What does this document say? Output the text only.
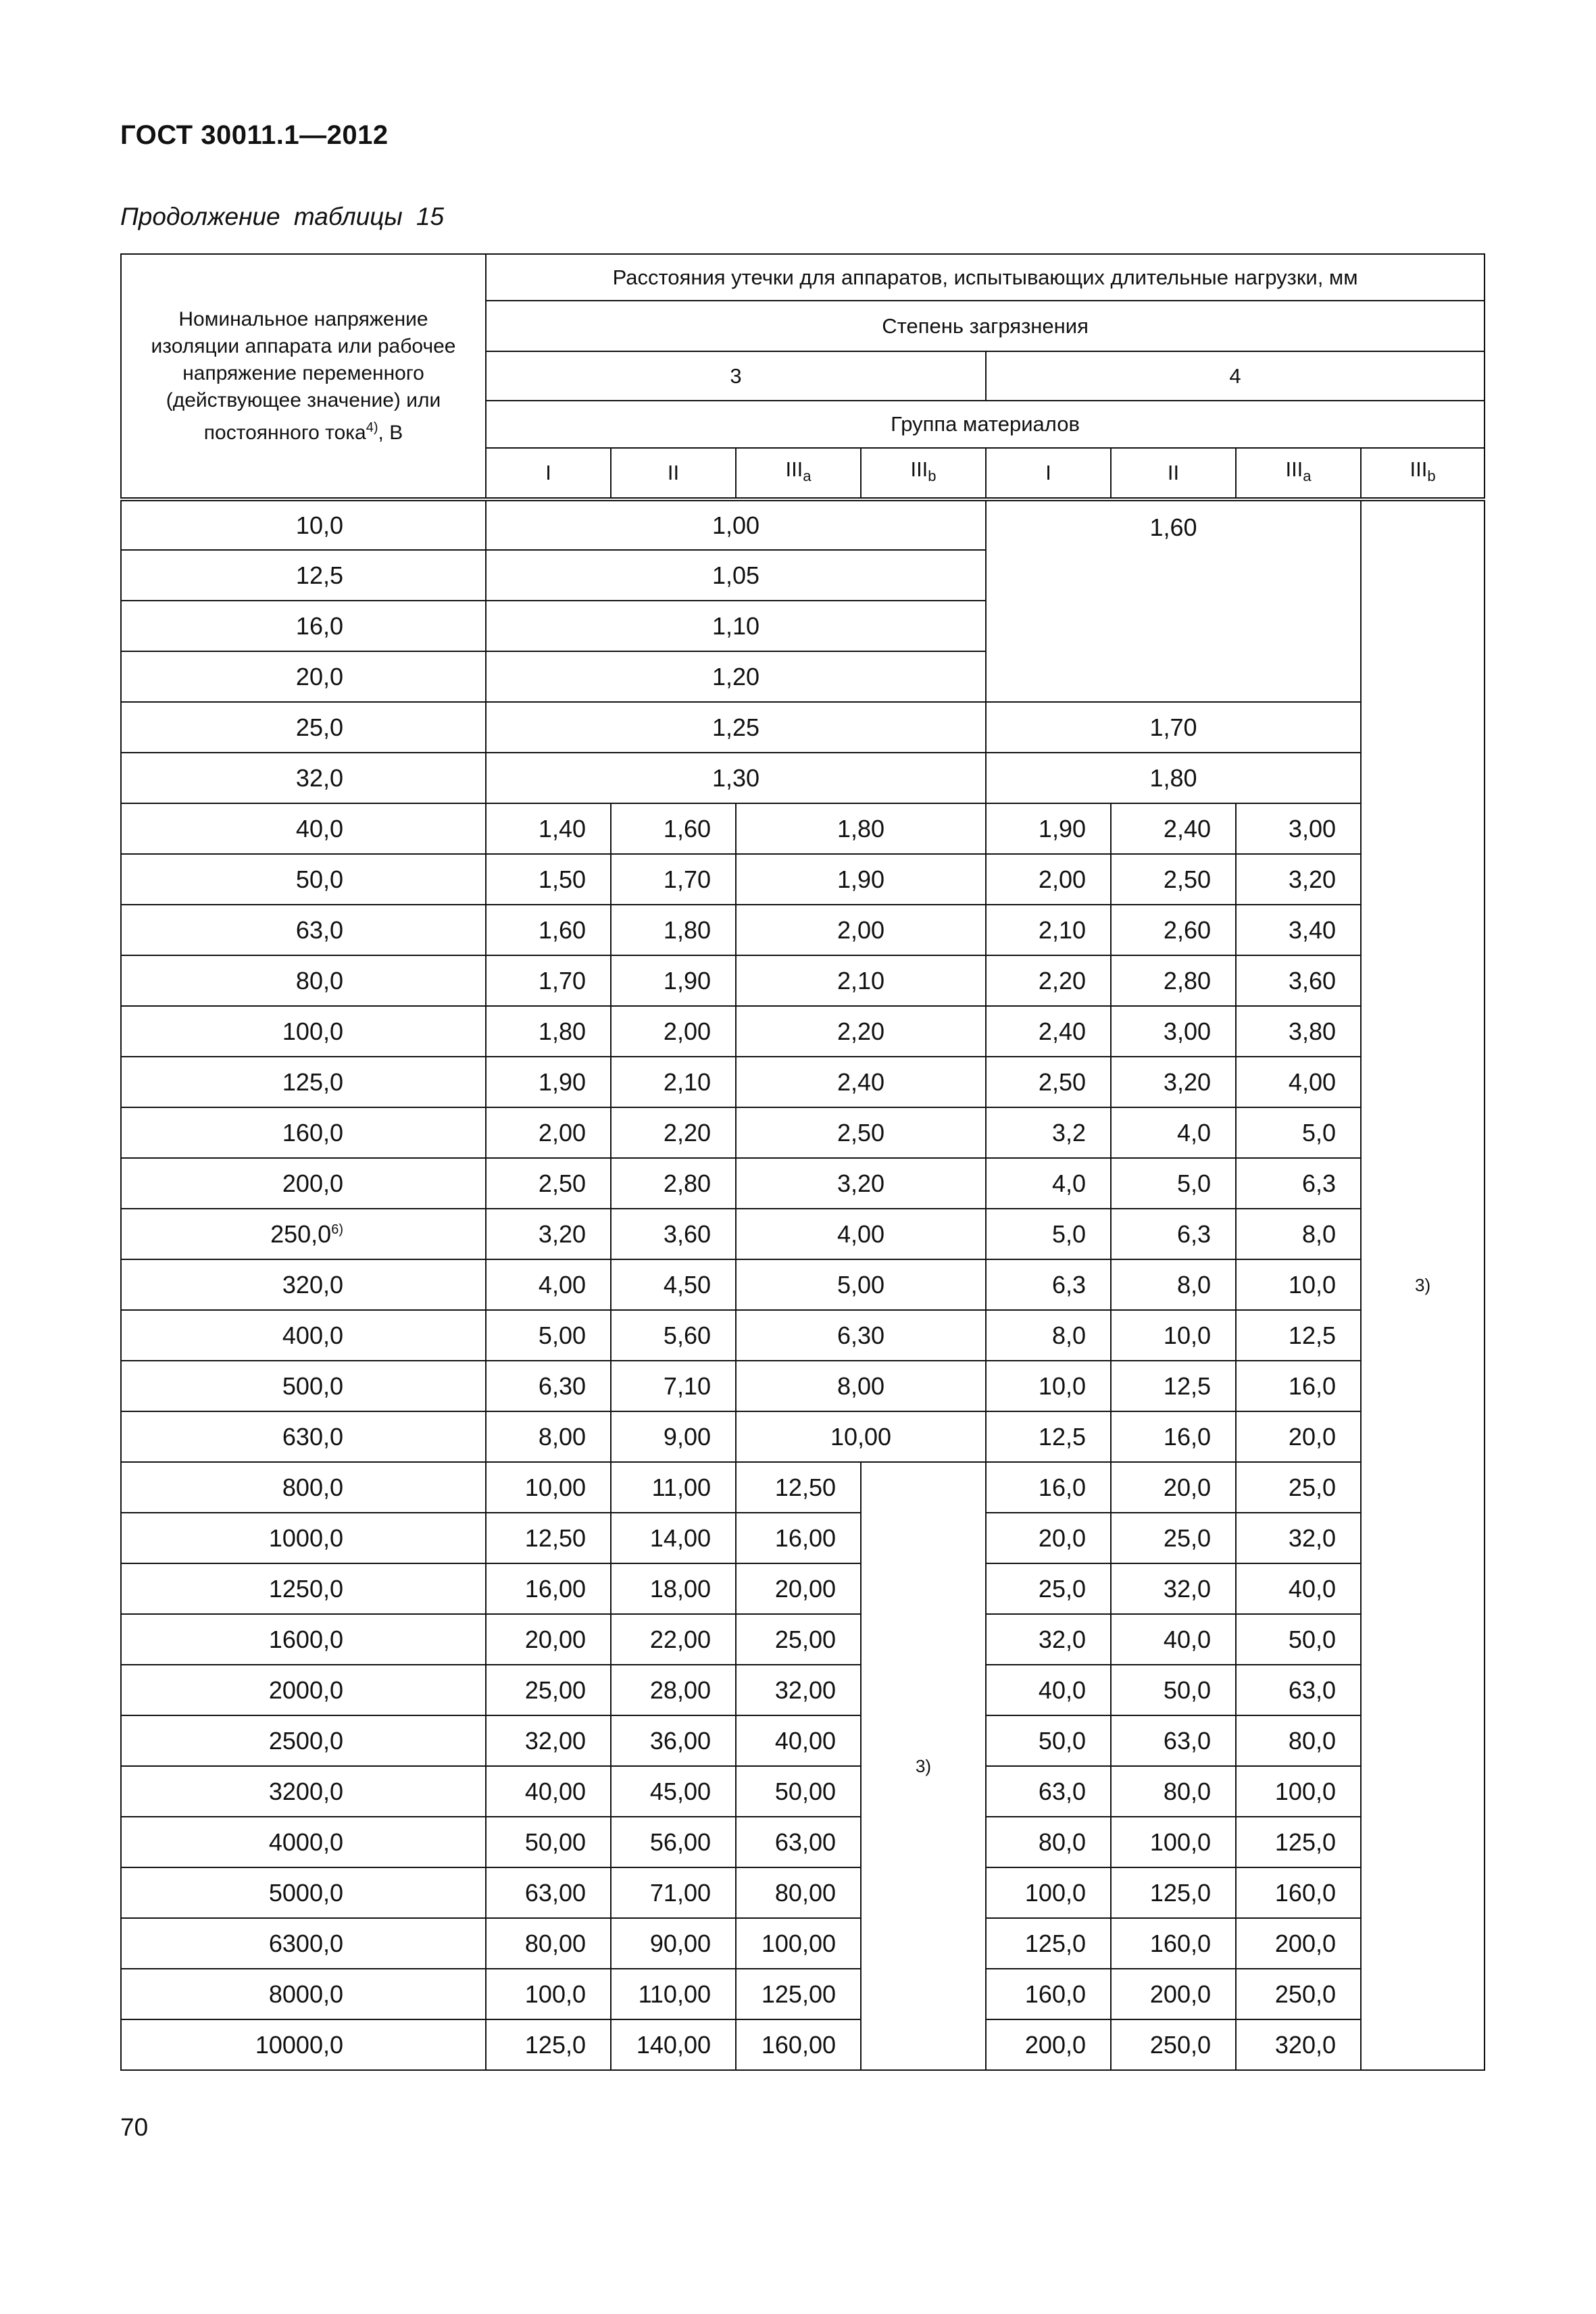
ГОСТ 30011.1—2012
Продолжение таблицы 15
Номинальное напряжение изоляции аппарата или рабочее напряжение переменного (действующее значение) или постоянного тока$^{4)}$, В	Расстояния утечки для аппаратов, испытывающих длительные нагрузки, мм							
	Степень загрязнения							
	3				4			
	Группа материалов							
	I	II	$III_a$	$III_b$	I	II	$III_a$	$III_b$
10,0	1,00				1,60			3)
12,5	1,05							
16,0	1,10							
20,0	1,20							
25,0	1,25				1,70			
32,0	1,30				1,80			
40,0	1,40	1,60	1,80		1,90	2,40	3,00	
50,0	1,50	1,70	1,90		2,00	2,50	3,20	
63,0	1,60	1,80	2,00		2,10	2,60	3,40	
80,0	1,70	1,90	2,10		2,20	2,80	3,60	
100,0	1,80	2,00	2,20		2,40	3,00	3,80	
125,0	1,90	2,10	2,40		2,50	3,20	4,00	
160,0	2,00	2,20	2,50		3,2	4,0	5,0	
200,0	2,50	2,80	3,20		4,0	5,0	6,3	
250,0$^{6)}$	3,20	3,60	4,00		5,0	6,3	8,0	
320,0	4,00	4,50	5,00		6,3	8,0	10,0	
400,0	5,00	5,60	6,30		8,0	10,0	12,5	
500,0	6,30	7,10	8,00		10,0	12,5	16,0	
630,0	8,00	9,00	10,00		12,5	16,0	20,0	
800,0	10,00	11,00	12,50	3)	16,0	20,0	25,0	
1000,0	12,50	14,00	16,00		20,0	25,0	32,0	
1250,0	16,00	18,00	20,00		25,0	32,0	40,0	
1600,0	20,00	22,00	25,00		32,0	40,0	50,0	
2000,0	25,00	28,00	32,00		40,0	50,0	63,0	
2500,0	32,00	36,00	40,00		50,0	63,0	80,0	
3200,0	40,00	45,00	50,00		63,0	80,0	100,0	
4000,0	50,00	56,00	63,00		80,0	100,0	125,0	
5000,0	63,00	71,00	80,00		100,0	125,0	160,0	
6300,0	80,00	90,00	100,00		125,0	160,0	200,0	
8000,0	100,0	110,00	125,00		160,0	200,0	250,0	
10000,0	125,0	140,00	160,00		200,0	250,0	320,0	
70
